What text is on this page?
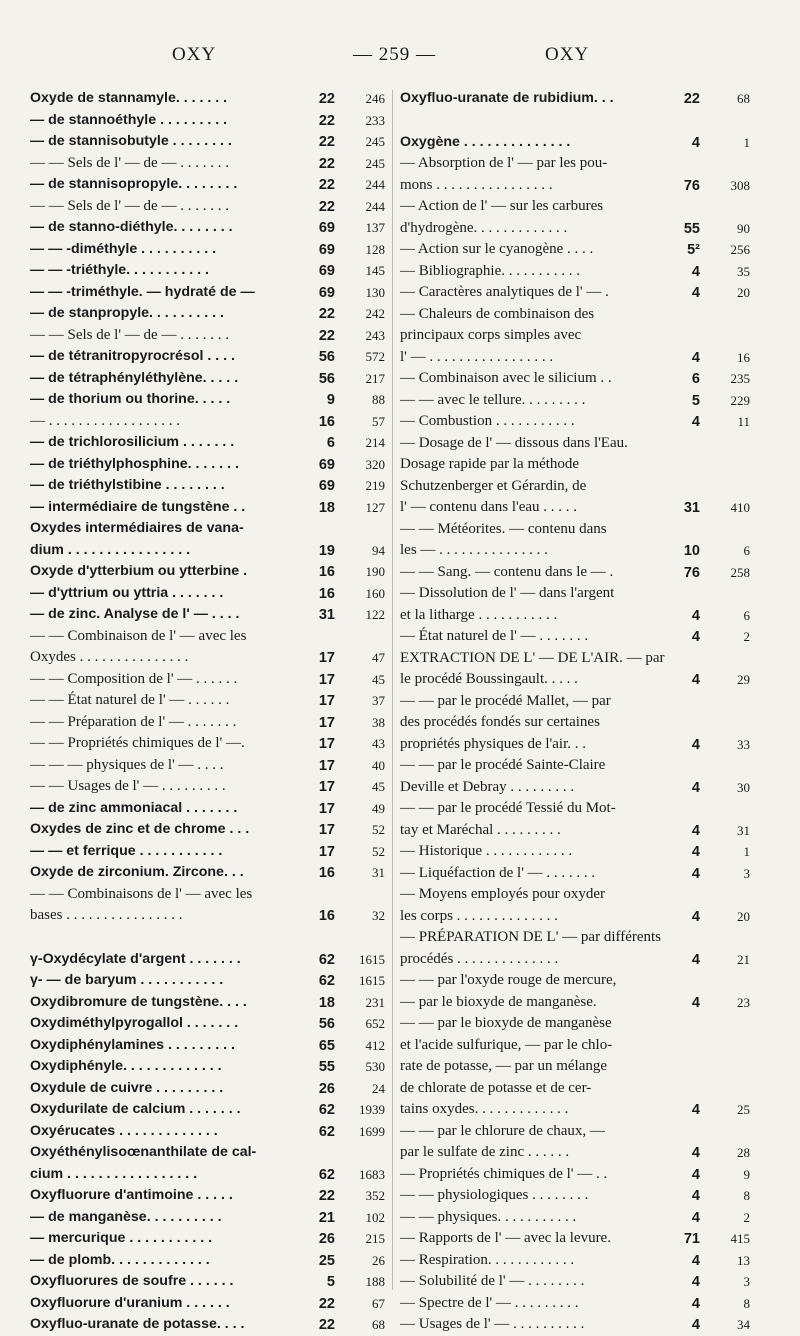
OXY	— 259 —	OXY
Oxyde de stannamyle. . . . . . .	22 246
— de stannoéthyle . . . . . . . . .	22 233
— de stannisobutyle . . . . . . . .	22 245
— — Sels de l' — de — . . . . . . .	22 245
— de stannisopropyle. . . . . . . .	22 244
— — Sels de l' — de — . . . . . . .	22 244
— de stanno-diéthyle. . . . . . . .	69 137
— — -diméthyle . . . . . . . . . .	69 128
— — -triéthyle. . . . . . . . . . .	69 145
— — -triméthyle. — hydraté de —	69 130
— de stanpropyle. . . . . . . . . .	22 242
— — Sels de l' — de — . . . . . . .	22 243
— de tétranitropyrocrésol . . . .	56 572
— de tétraphényléthylène. . . . .	56 217
— de thorium ou thorine. . . . .	9	88
— . . . . . . . . . . . . . . . . . .	16	57
— de trichlorosilicium . . . . . . .	6 214
— de triéthylphosphine. . . . . . .	69 320
— de triéthylstibine . . . . . . . .	69 219
— intermédiaire de tungstène . .	18 127
Oxydes intermédiaires de vana-
dium . . . . . . . . . . . . . . . .	19	94
Oxyde d'ytterbium ou ytterbine .	16 190
— d'yttrium ou yttria . . . . . . .	16 160
— de zinc. Analyse de l' — . . . .	31 122
— — Combinaison de l' — avec les
Oxydes . . . . . . . . . . . . . . .	17	47
— — Composition de l' — . . . . . .	17	45
— — État naturel de l' — . . . . . .	17	37
— — Préparation de l' — . . . . . . .	17	38
— — Propriétés chimiques de l' —.	17	43
— — — physiques de l' — . . . .	17	40
— — Usages de l' — . . . . . . . . .	17	45
— de zinc ammoniacal . . . . . . .	17	49
Oxydes de zinc et de chrome . . .	17	52
— — et ferrique . . . . . . . . . . .	17	52
Oxyde de zirconium. Zircone. . .	16	31
— — Combinaisons de l' — avec les
bases . . . . . . . . . . . . . . . .	16	32
γ-Oxydécylate d'argent . . . . . . .	62 1615
γ- — de baryum . . . . . . . . . . .	62 1615
Oxydibromure de tungstène. . . .	18 231
Oxydiméthylpyrogallol . . . . . . .	56 652
Oxydiphénylamines . . . . . . . . .	65 412
Oxydiphényle. . . . . . . . . . . . .	55 530
Oxydule de cuivre . . . . . . . . .	26	24
Oxydurilate de calcium . . . . . . .	62 1939
Oxyérucates . . . . . . . . . . . . .	62 1699
Oxyéthénylisoœnanthilate de cal-
cium . . . . . . . . . . . . . . . . .	62 1683
Oxyfluorure d'antimoine . . . . .	22 352
— de manganèse. . . . . . . . . .	21 102
— mercurique . . . . . . . . . . .	26 215
— de plomb. . . . . . . . . . . . .	25	26
Oxyfluorures de soufre . . . . . .	5 188
Oxyfluorure d'uranium . . . . . .	22	67
Oxyfluo-uranate de potasse. . . .	22	68
Oxyfluo-uranate de rubidium. . .	22	68
Oxygène . . . . . . . . . . . . . .	4	1
— Absorption de l' — par les pou-
mons . . . . . . . . . . . . . . . .	76 308
— Action de l' — sur les carbures
d'hydrogène. . . . . . . . . . . . .	55	90
— Action sur le cyanogène . . . .	5² 256
— Bibliographie. . . . . . . . . . .	4	35
— Caractères analytiques de l' — .	4	20
— Chaleurs de combinaison des
principaux corps simples avec
l' — . . . . . . . . . . . . . . . . .	4	16
— Combinaison avec le silicium . .	6 235
— — avec le tellure. . . . . . . . .	5 229
— Combustion . . . . . . . . . . .	4	11
— Dosage de l' — dissous dans l'Eau.
Dosage rapide par la méthode
Schutzenberger et Gérardin, de
l' — contenu dans l'eau . . . . .	31 410
— — Météorites. — contenu dans
les — . . . . . . . . . . . . . . .	10	6
— — Sang. — contenu dans le — .	76 258
— Dissolution de l' — dans l'argent
et la litharge . . . . . . . . . . .	4	6
— État naturel de l' — . . . . . . .	4	2
EXTRACTION DE L' — DE L'AIR. — par
le procédé Boussingault. . . . .	4	29
— — par le procédé Mallet, — par
des procédés fondés sur certaines
propriétés physiques de l'air. . .	4	33
— — par le procédé Sainte-Claire
Deville et Debray . . . . . . . . .	4	30
— — par le procédé Tessié du Mot-
tay et Maréchal . . . . . . . . .	4	31
— Historique . . . . . . . . . . . .	4	1
— Liquéfaction de l' — . . . . . . .	4	3
— Moyens employés pour oxyder
les corps . . . . . . . . . . . . . .	4	20
— PRÉPARATION DE L' — par différents
procédés . . . . . . . . . . . . . .	4	21
— — par l'oxyde rouge de mercure,
— par le bioxyde de manganèse.	4	23
— — par le bioxyde de manganèse
et l'acide sulfurique, — par le chlo-
rate de potasse, — par un mélange
de chlorate de potasse et de cer-
tains oxydes. . . . . . . . . . . . .	4	25
— — par le chlorure de chaux, —
par le sulfate de zinc . . . . . .	4	28
— Propriétés chimiques de l' — . .	4	9
— — physiologiques . . . . . . . .	4	8
— — physiques. . . . . . . . . . .	4	2
— Rapports de l' — avec la levure.	71 415
— Respiration. . . . . . . . . . . .	4	13
— Solubilité de l' — . . . . . . . .	4	3
— Spectre de l' — . . . . . . . . .	4	8
— Usages de l' — . . . . . . . . . .	4	34
